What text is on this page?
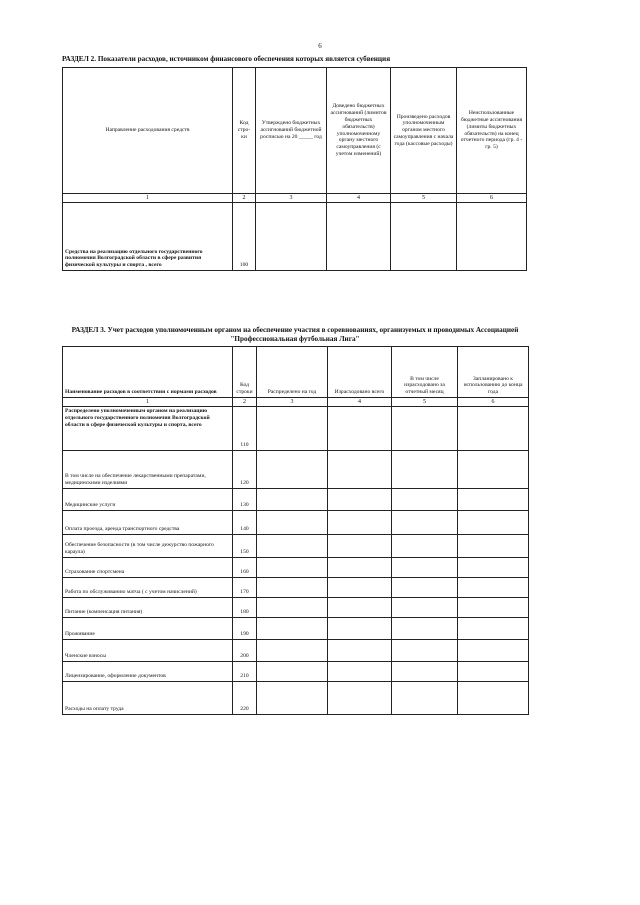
6
РАЗДЕЛ 2. Показатели расходов, источником финансового обеспечения которых является субвенция
Направление расходования средств	Код стро-ки	Утверждено бюджетных ассигнований бюджетной росписью на 20 _____ год	Доведено бюджетных ассигнований (лимитов бюджетных обязательств) уполномоченному органу местного самоуправления (с учетом изменений)	Произведено расходов уполномоченным органом местного самоуправления с начала года (кассовые расходы)	Неиспользованные бюджетные ассигнования (лимиты бюджетных обязательств) на конец отчетного периода (гр. 4 - гр. 5)
1	2	3	4	5	6
Средства на реализацию отдельного государственного полномочия Волгоградской области в сфере развития физической культуры и спорта , всего	100				
РАЗДЕЛ 3. Учет расходов уполномоченным органом на обеспечение участия в соревнованиях, организуемых и проводимых Ассоциацией "Профессиональная футбольная Лига"
Наименование расходов в соответствии с нормами расходов	Код строки	Распределено на год	Израсходовано всего	В том числе израсходовано за отчетный месяц	Запланировано к использованию до конца года
1	2	3	4	5	6
Распределено уполномоченным органом на реализацию отдельного государственного полномочия Волгоградской области в сфере физической культуры и спорта, всего	110				
В том числе на обеспечение лекарственными препаратами, медицинскими изделиями	120				
Медицинские услуги	130				
Оплата проезда, аренда транспортного средства	140				
Обеспечение безопасности (в том числе дежурство пожарного караула)	150				
Страхование спортсмена	160				
Работа по обслуживанию матча ( с учетом начислений)	170				
Питание (компенсация питания)	180				
Проживание	190				
Членские взносы	200				
Лицензирование, оформление документов	210				
Расходы на оплату труда	220				
